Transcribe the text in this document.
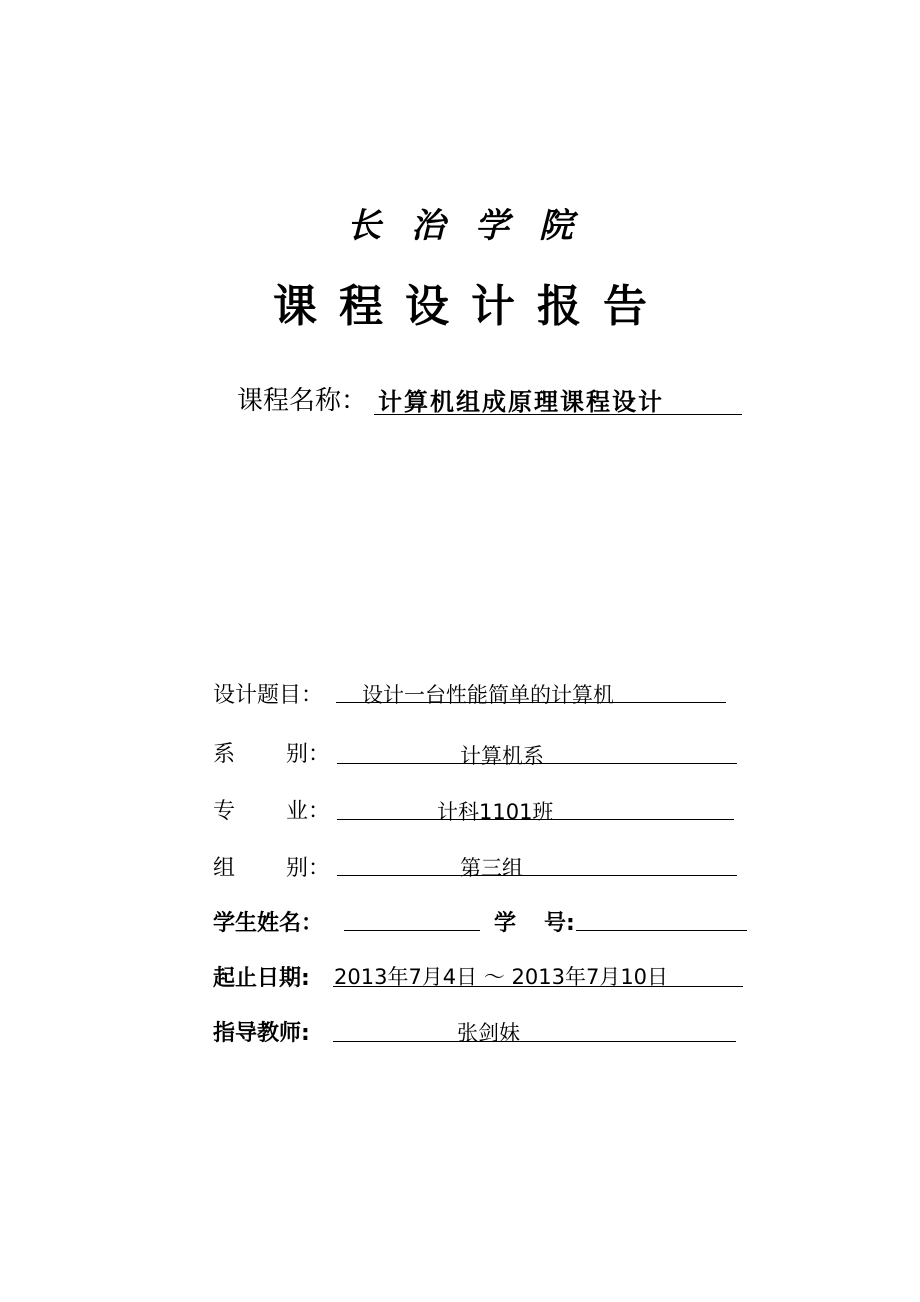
长治学院
课程设计报告
课程名称： 计算机组成原理课程设计
设计题目： 设计一台性能简单的计算机
系 别：	计算机系
专 业：	计科1101班
组 别：	第三组
学生姓名：	学 号:
起止日期: 2013年7月4日 ～ 2013年7月10日
指导教师:	张剑妹
